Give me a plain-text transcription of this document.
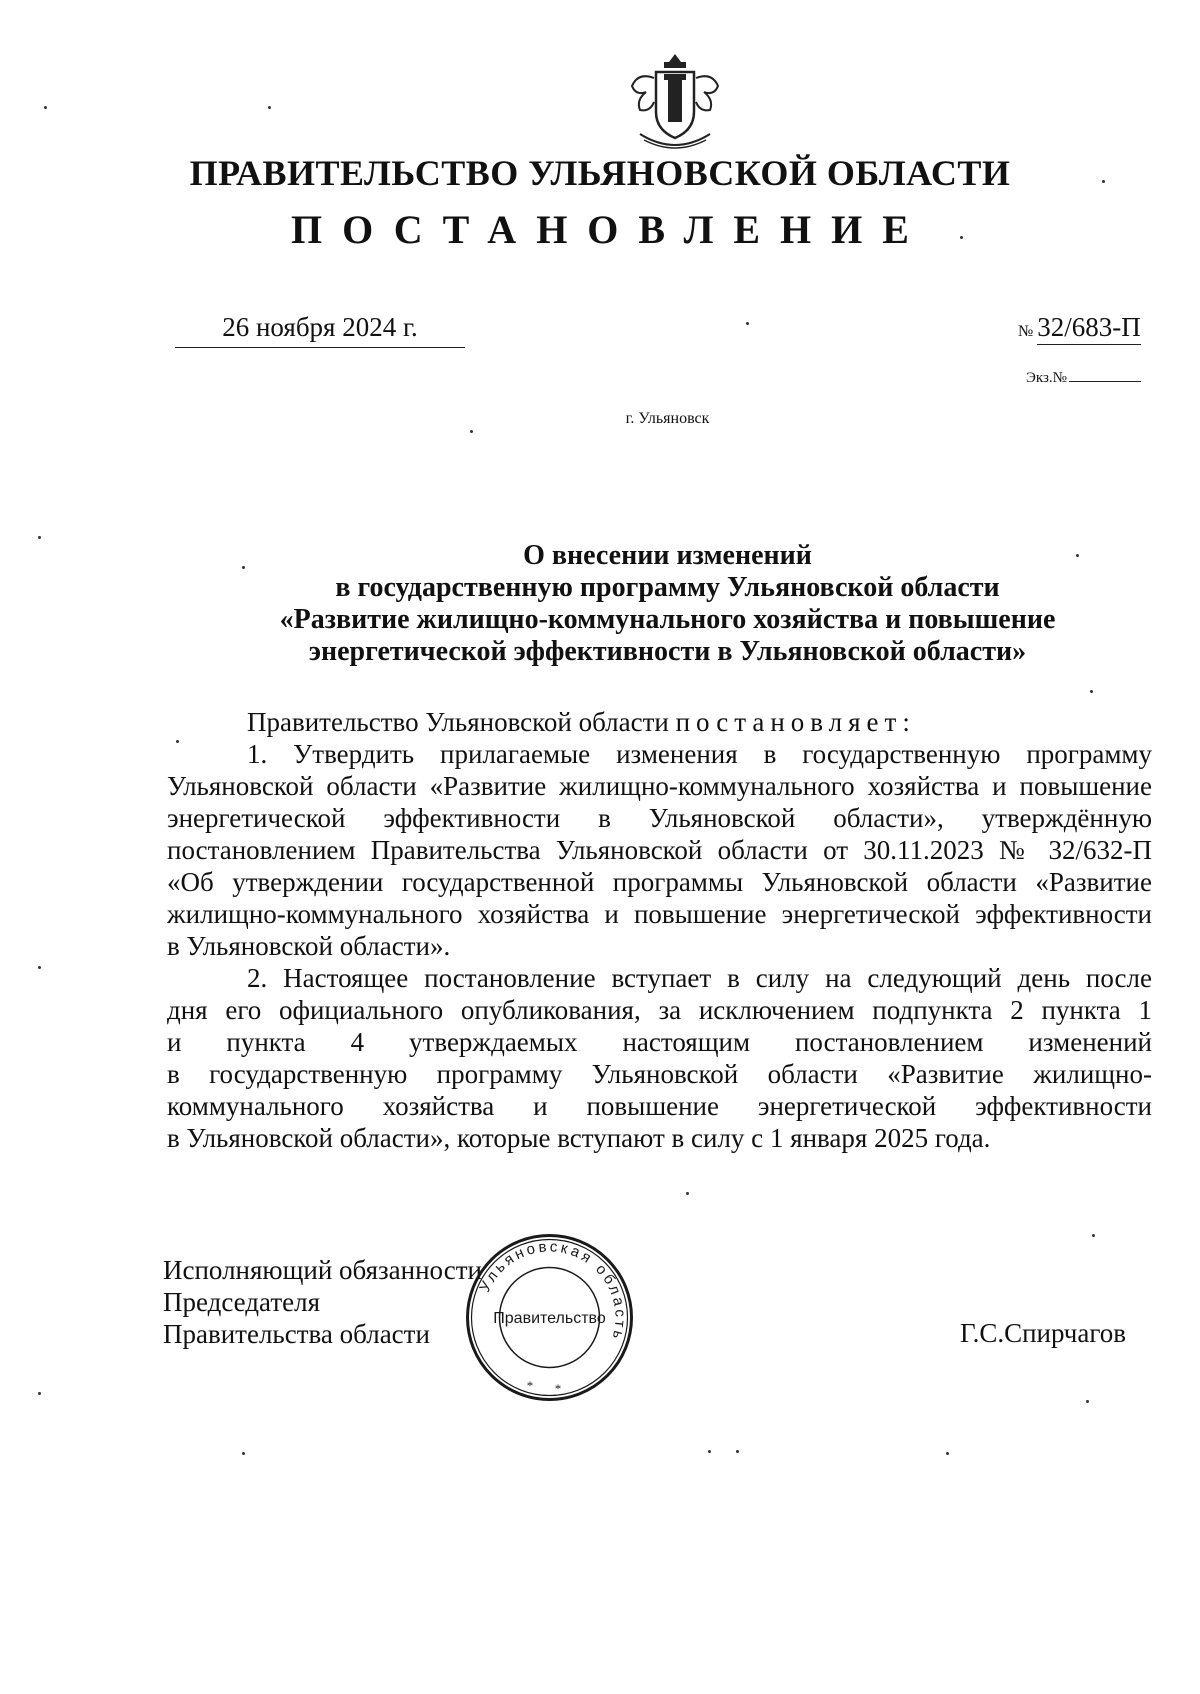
ПРАВИТЕЛЬСТВО УЛЬЯНОВСКОЙ ОБЛАСТИ
ПОСТАНОВЛЕНИЕ
26 ноября 2024 г.	№ 32/683-П
Экз.№
г. Ульяновск
О внесении изменений
в государственную программу Ульяновской области
«Развитие жилищно-коммунального хозяйства и повышение
энергетической эффективности в Ульяновской области»
Правительство Ульяновской области постановляет:
1. Утвердить прилагаемые изменения в государственную программу
Ульяновской области «Развитие жилищно-коммунального хозяйства и повышение
энергетической эффективности в Ульяновской области», утверждённую
постановлением Правительства Ульяновской области от 30.11.2023 № 32/632-П
«Об утверждении государственной программы Ульяновской области «Развитие
жилищно-коммунального хозяйства и повышение энергетической эффективности
в Ульяновской области».
2. Настоящее постановление вступает в силу на следующий день после
дня его официального опубликования, за исключением подпункта 2 пункта 1
и пункта 4 утверждаемых настоящим постановлением изменений
в государственную программу Ульяновской области «Развитие жилищно-
коммунального хозяйства и повышение энергетической эффективности
в Ульяновской области», которые вступают в силу с 1 января 2025 года.
Исполняющий обязанности
Председателя
Правительства области	Г.С.Спирчагов
Ульяновская область
Правительство
* *
